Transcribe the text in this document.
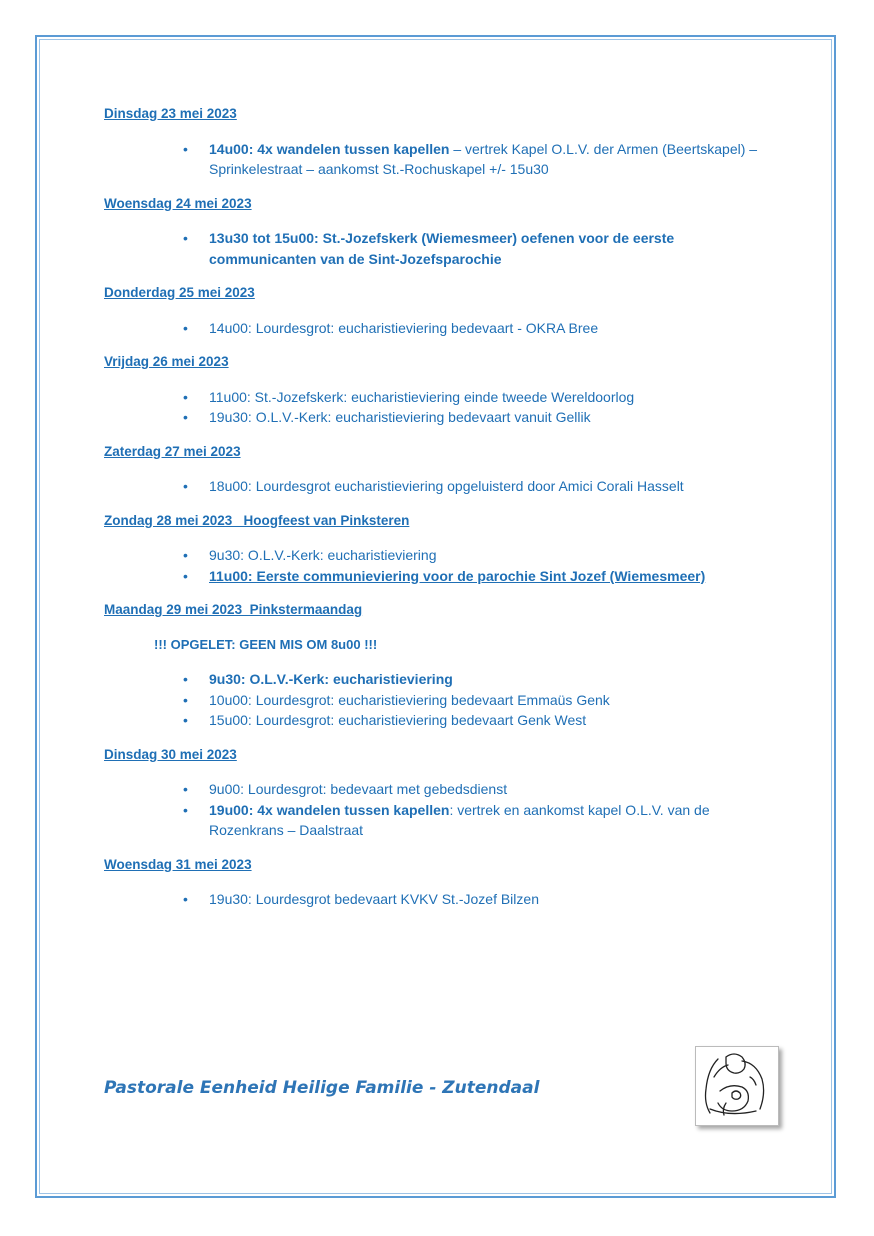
Dinsdag 23 mei 2023
• 14u00: 4x wandelen tussen kapellen – vertrek Kapel O.L.V. der Armen (Beertskapel) – Sprinkelestraat – aankomst St.-Rochuskapel +/- 15u30
Woensdag 24 mei 2023
• 13u30 tot 15u00: St.-Jozefskerk (Wiemesmeer) oefenen voor de eerste communicanten van de Sint-Jozefsparochie
Donderdag 25 mei 2023
• 14u00: Lourdesgrot: eucharistieviering bedevaart - OKRA Bree
Vrijdag 26 mei 2023
• 11u00: St.-Jozefskerk: eucharistieviering einde tweede Wereldoorlog
• 19u30: O.L.V.-Kerk: eucharistieviering bedevaart vanuit Gellik
Zaterdag 27 mei 2023
• 18u00: Lourdesgrot eucharistieviering opgeluisterd door Amici Corali Hasselt
Zondag 28 mei 2023   Hoogfeest van Pinksteren
• 9u30: O.L.V.-Kerk: eucharistieviering
• 11u00: Eerste communieviering voor de parochie Sint Jozef (Wiemesmeer)
Maandag 29 mei 2023  Pinkstermaandag
!!! OPGELET: GEEN MIS OM 8u00 !!!
• 9u30: O.L.V.-Kerk: eucharistieviering
• 10u00: Lourdesgrot: eucharistieviering bedevaart Emmaüs Genk
• 15u00: Lourdesgrot: eucharistieviering bedevaart Genk West
Dinsdag 30 mei 2023
• 9u00: Lourdesgrot: bedevaart met gebedsdienst
• 19u00: 4x wandelen tussen kapellen: vertrek en aankomst kapel O.L.V. van de Rozenkrans – Daalstraat
Woensdag 31 mei 2023
• 19u30: Lourdesgrot bedevaart KVKV St.-Jozef Bilzen
Pastorale Eenheid Heilige Familie - Zutendaal
